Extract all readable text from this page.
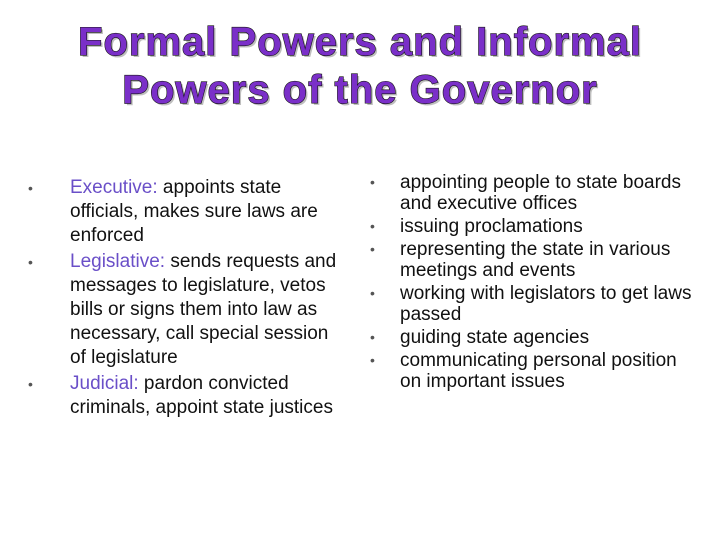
Formal Powers and Informal
Powers of the Governor
• Executive: appoints state officials, makes sure laws are enforced
• Legislative: sends requests and messages to legislature, vetos bills or signs them into law as necessary, call special session of legislature
• Judicial: pardon convicted criminals, appoint state justices
• appointing people to state boards and executive offices
• issuing proclamations
• representing the state in various meetings and events
• working with legislators to get laws passed
• guiding state agencies
• communicating personal position on important issues
